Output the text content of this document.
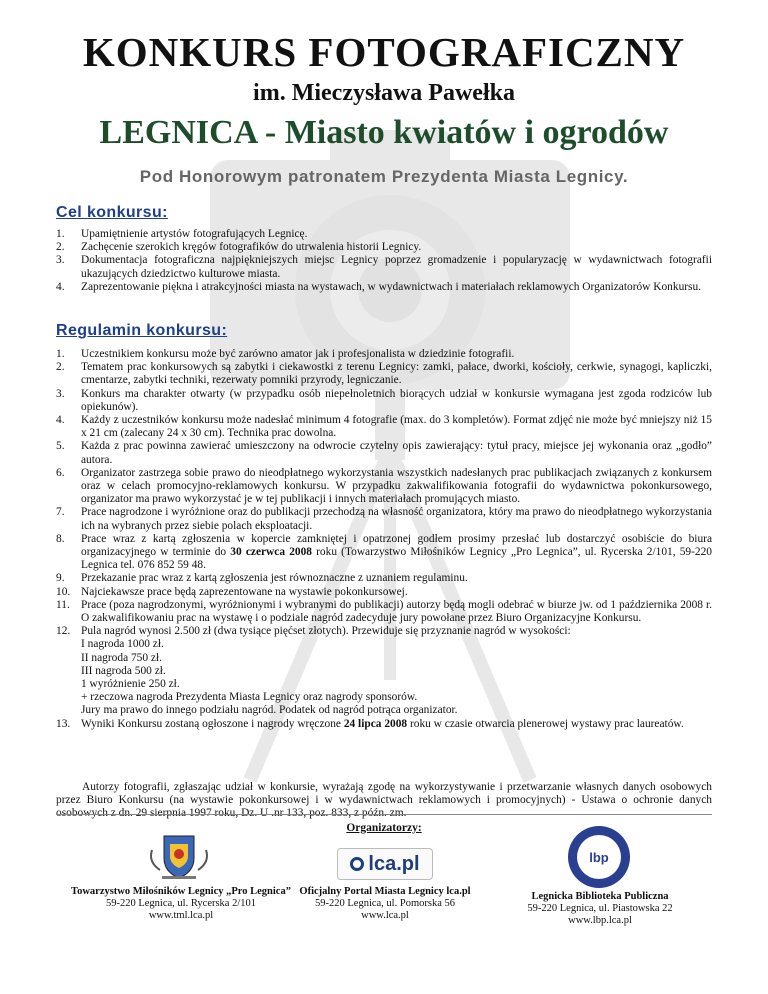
KONKURS FOTOGRAFICZNY
im. Mieczysława Pawełka
LEGNICA - Miasto kwiatów i ogrodów
Pod Honorowym patronatem Prezydenta Miasta Legnicy.
Cel konkursu:
1. Upamiętnienie artystów fotografujących Legnicę.
2. Zachęcenie szerokich kręgów fotografików do utrwalenia historii Legnicy.
3. Dokumentacja fotograficzna najpiękniejszych miejsc Legnicy poprzez gromadzenie i popularyzację w wydawnictwach fotografii ukazujących dziedzictwo kulturowe miasta.
4. Zaprezentowanie piękna i atrakcyjności miasta na wystawach, w wydawnictwach i materiałach reklamowych Organizatorów Konkursu.
Regulamin konkursu:
1. Uczestnikiem konkursu może być zarówno amator jak i profesjonalista w dziedzinie fotografii.
2. Tematem prac konkursowych są zabytki i ciekawostki z terenu Legnicy: zamki, pałace, dworki, kościoły, cerkwie, synagogi, kapliczki, cmentarze, zabytki techniki, rezerwaty pomniki przyrody, legniczanie.
3. Konkurs ma charakter otwarty (w przypadku osób niepełnoletnich biorących udział w konkursie wymagana jest zgoda rodziców lub opiekunów).
4. Każdy z uczestników konkursu może nadesłać minimum 4 fotografie (max. do 3 kompletów). Format zdjęć nie może być mniejszy niż 15 x 21 cm (zalecany 24 x 30 cm). Technika prac dowolna.
5. Każda z prac powinna zawierać umieszczony na odwrocie czytelny opis zawierający: tytuł pracy, miejsce jej wykonania oraz „godło” autora.
6. Organizator zastrzega sobie prawo do nieodpłatnego wykorzystania wszystkich nadesłanych prac publikacjach związanych z konkursem oraz w celach promocyjno-reklamowych konkursu. W przypadku zakwalifikowania fotografii do wydawnictwa pokonkursowego, organizator ma prawo wykorzystać je w tej publikacji i innych materiałach promujących miasto.
7. Prace nagrodzone i wyróżnione oraz do publikacji przechodzą na własność organizatora, który ma prawo do nieodpłatnego wykorzystania ich na wybranych przez siebie polach eksploatacji.
8. Prace wraz z kartą zgłoszenia w kopercie zamkniętej i opatrzonej godłem prosimy przesłać lub dostarczyć osobiście do biura organizacyjnego w terminie do 30 czerwca 2008 roku (Towarzystwo Miłośników Legnicy „Pro Legnica”, ul. Rycerska 2/101, 59-220 Legnica tel. 076 852 59 48.
9. Przekazanie prac wraz z kartą zgłoszenia jest równoznaczne z uznaniem regulaminu.
10. Najciekawsze prace będą zaprezentowane na wystawie pokonkursowej.
11. Prace (poza nagrodzonymi, wyróżnionymi i wybranymi do publikacji) autorzy będą mogli odebrać w biurze jw. od 1 października 2008 r. O zakwalifikowaniu prac na wystawę i o podziale nagród zadecyduje jury powołane przez Biuro Organizacyjne Konkursu.
12. Pula nagród wynosi 2.500 zł (dwa tysiące pięćset złotych). Przewiduje się przyznanie nagród w wysokości:
I nagroda 1000 zł.
II nagroda 750 zł.
III nagroda 500 zł.
1 wyróżnienie 250 zł.
+ rzeczowa nagroda Prezydenta Miasta Legnicy oraz nagrody sponsorów.
Jury ma prawo do innego podziału nagród. Podatek od nagród potrąca organizator.
13. Wyniki Konkursu zostaną ogłoszone i nagrody wręczone 24 lipca 2008 roku w czasie otwarcia plenerowej wystawy prac laureatów.
Autorzy fotografii, zgłaszając udział w konkursie, wyrażają zgodę na wykorzystywanie i przetwarzanie własnych danych osobowych przez Biuro Konkursu (na wystawie pokonkursowej i w wydawnictwach reklamowych i promocyjnych) - Ustawa o ochronie danych osobowych z dn. 29 sierpnia 1997 roku, Dz. U .nr 133, poz. 833, z późn. zm.
Organizatorzy:
Towarzystwo Miłośników Legnicy „Pro Legnica”
59-220 Legnica, ul. Rycerska 2/101
www.tml.lca.pl
lca.pl
Oficjalny Portal Miasta Legnicy lca.pl
59-220 Legnica, ul. Pomorska 56
www.lca.pl
lbp
Legnicka Biblioteka Publiczna
59-220 Legnica, ul. Piastowska 22
www.lbp.lca.pl
